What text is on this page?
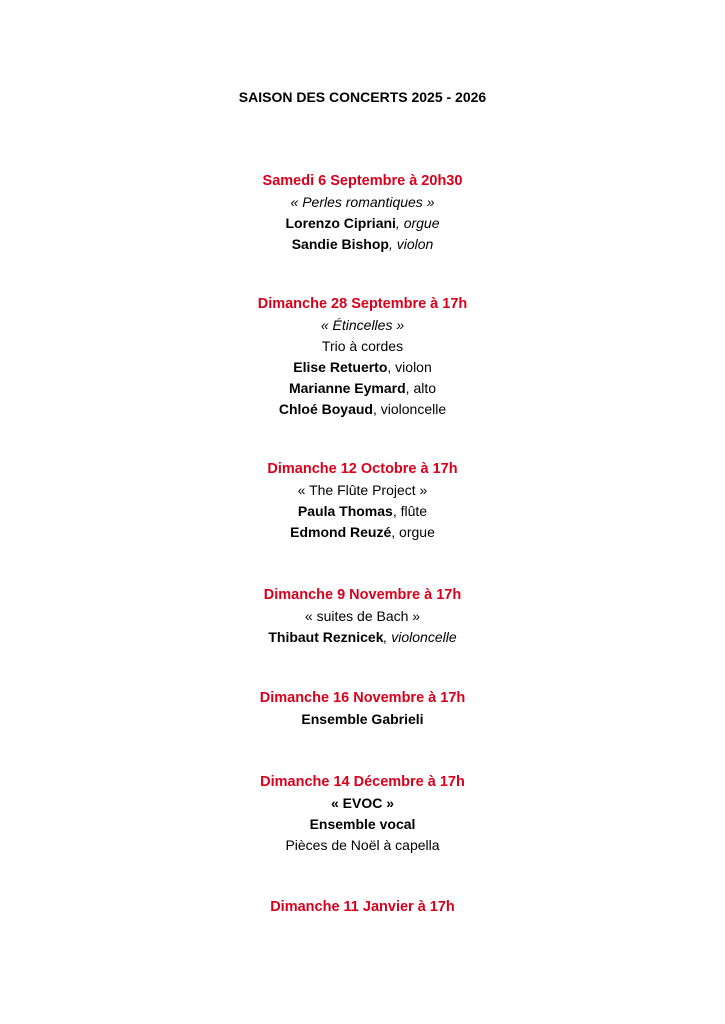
SAISON DES CONCERTS 2025 - 2026
Samedi 6 Septembre à 20h30
« Perles romantiques »
Lorenzo Cipriani, orgue
Sandie Bishop, violon
Dimanche 28 Septembre à 17h
« Étincelles »
Trio à cordes
Elise Retuerto, violon
Marianne Eymard, alto
Chloé Boyaud, violoncelle
Dimanche 12 Octobre à 17h
« The Flûte Project »
Paula Thomas, flûte
Edmond Reuzé, orgue
Dimanche 9 Novembre à 17h
« suites de Bach »
Thibaut Reznicek, violoncelle
Dimanche 16 Novembre à 17h
Ensemble Gabrieli
Dimanche 14 Décembre à 17h
« EVOC »
Ensemble vocal
Pièces de Noël à capella
Dimanche 11 Janvier à 17h
